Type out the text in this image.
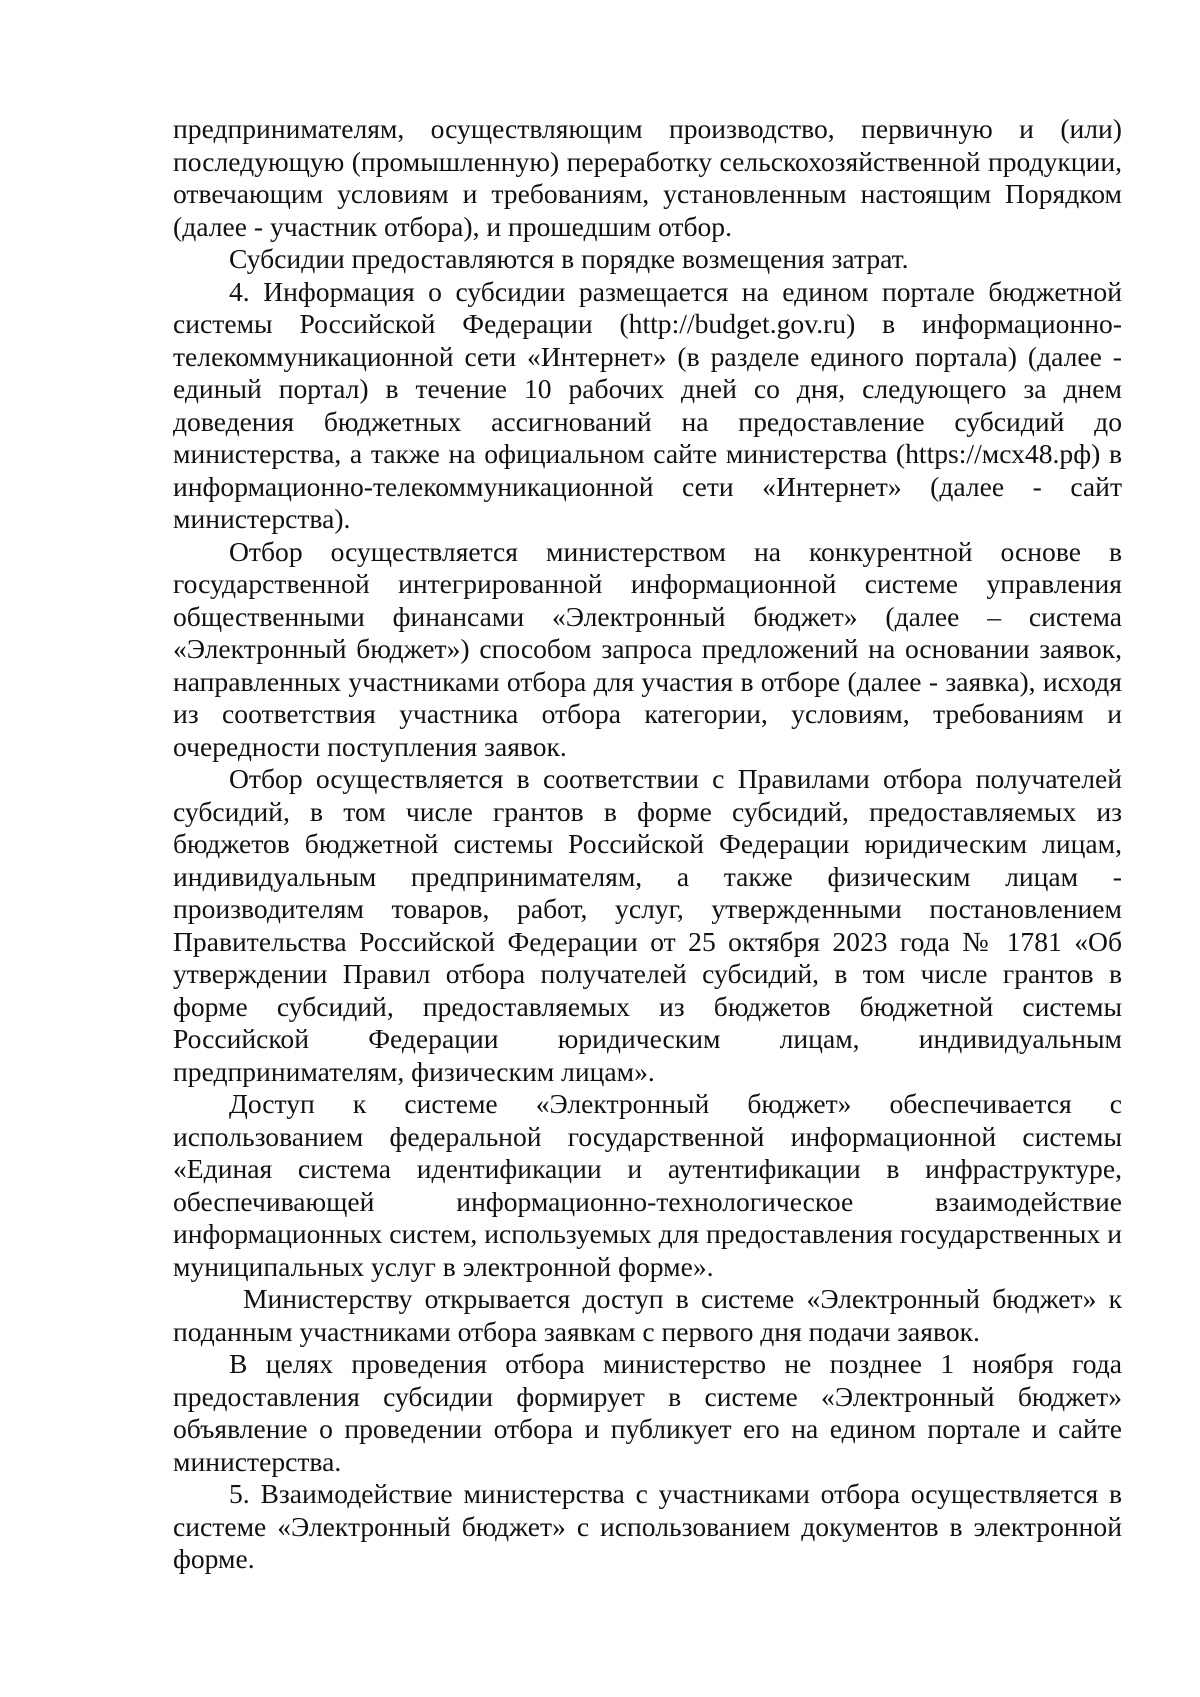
предпринимателям, осуществляющим производство, первичную и (или) последующую (промышленную) переработку сельскохозяйственной продукции, отвечающим условиям и требованиям, установленным настоящим Порядком (далее - участник отбора), и прошедшим отбор.

Субсидии предоставляются в порядке возмещения затрат.

4. Информация о субсидии размещается на едином портале бюджетной системы Российской Федерации (http://budget.gov.ru) в информационно-телекоммуникационной сети «Интернет» (в разделе единого портала) (далее - единый портал) в течение 10 рабочих дней со дня, следующего за днем доведения бюджетных ассигнований на предоставление субсидий до министерства, а также на официальном сайте министерства (https://мсх48.рф) в информационно-телекоммуникационной сети «Интернет» (далее - сайт министерства).

Отбор осуществляется министерством на конкурентной основе в государственной интегрированной информационной системе управления общественными финансами «Электронный бюджет» (далее – система «Электронный бюджет») способом запроса предложений на основании заявок, направленных участниками отбора для участия в отборе (далее - заявка), исходя из соответствия участника отбора категории, условиям, требованиям и очередности поступления заявок.

Отбор осуществляется в соответствии с Правилами отбора получателей субсидий, в том числе грантов в форме субсидий, предоставляемых из бюджетов бюджетной системы Российской Федерации юридическим лицам, индивидуальным предпринимателям, а также физическим лицам - производителям товаров, работ, услуг, утвержденными постановлением Правительства Российской Федерации от 25 октября 2023 года № 1781 «Об утверждении Правил отбора получателей субсидий, в том числе грантов в форме субсидий, предоставляемых из бюджетов бюджетной системы Российской Федерации юридическим лицам, индивидуальным предпринимателям, физическим лицам».

Доступ к системе «Электронный бюджет» обеспечивается с использованием федеральной государственной информационной системы «Единая система идентификации и аутентификации в инфраструктуре, обеспечивающей информационно-технологическое взаимодействие информационных систем, используемых для предоставления государственных и муниципальных услуг в электронной форме».

Министерству открывается доступ в системе «Электронный бюджет» к поданным участниками отбора заявкам с первого дня подачи заявок.

В целях проведения отбора министерство не позднее 1 ноября года предоставления субсидии формирует в системе «Электронный бюджет» объявление о проведении отбора и публикует его на едином портале и сайте министерства.

5. Взаимодействие министерства с участниками отбора осуществляется в системе «Электронный бюджет» с использованием документов в электронной форме.
